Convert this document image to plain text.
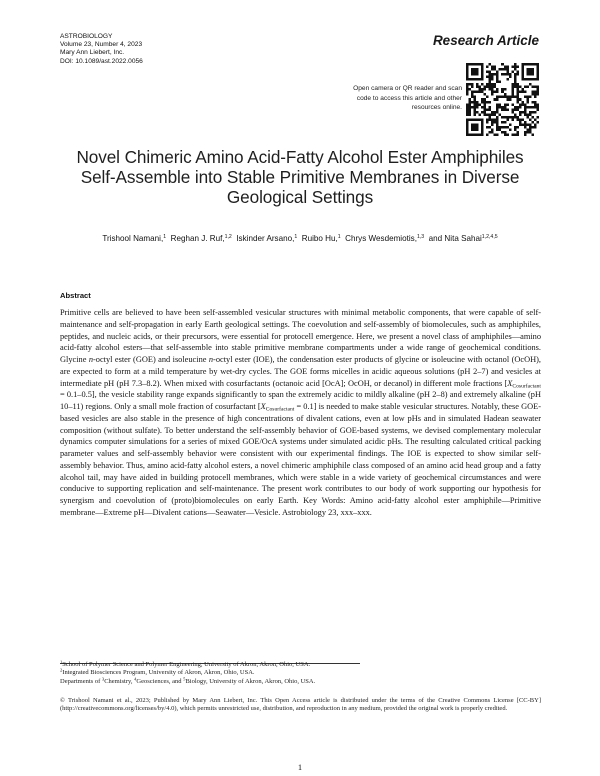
ASTROBIOLOGY
Volume 23, Number 4, 2023
Mary Ann Liebert, Inc.
DOI: 10.1089/ast.2022.0056
Research Article
Open camera or QR reader and scan code to access this article and other resources online.
Novel Chimeric Amino Acid-Fatty Alcohol Ester Amphiphiles Self-Assemble into Stable Primitive Membranes in Diverse Geological Settings
Trishool Namani,$^1$ Reghan J. Ruf,$^{1,2}$ Iskinder Arsano,$^1$ Ruibo Hu,$^1$ Chrys Wesdemiotis,$^{1,3}$ and Nita Sahai$^{1,2,4,5}$
Abstract
Primitive cells are believed to have been self-assembled vesicular structures with minimal metabolic components, that were capable of self-maintenance and self-propagation in early Earth geological settings. The coevolution and self-assembly of biomolecules, such as amphiphiles, peptides, and nucleic acids, or their precursors, were essential for protocell emergence. Here, we present a novel class of amphiphiles—amino acid-fatty alcohol esters—that self-assemble into stable primitive membrane compartments under a wide range of geochemical conditions. Glycine n-octyl ester (GOE) and isoleucine n-octyl ester (IOE), the condensation ester products of glycine or isoleucine with octanol (OcOH), are expected to form at a mild temperature by wet-dry cycles. The GOE forms micelles in acidic aqueous solutions (pH 2–7) and vesicles at intermediate pH (pH 7.3–8.2). When mixed with cosurfactants (octanoic acid [OcA]; OcOH, or decanol) in different mole fractions $[X_{Cosurfactant} = 0.1-0.5]$, the vesicle stability range expands significantly to span the extremely acidic to mildly alkaline (pH 2–8) and extremely alkaline (pH 10–11) regions. Only a small mole fraction of cosurfactant $[X_{Cosurfactant} = 0.1]$ is needed to make stable vesicular structures. Notably, these GOE-based vesicles are also stable in the presence of high concentrations of divalent cations, even at low pHs and in simulated Hadean seawater composition (without sulfate). To better understand the self-assembly behavior of GOE-based systems, we devised complementary molecular dynamics computer simulations for a series of mixed GOE/OcA systems under simulated acidic pHs. The resulting calculated critical packing parameter values and self-assembly behavior were consistent with our experimental findings. The IOE is expected to show similar self-assembly behavior. Thus, amino acid-fatty alcohol esters, a novel chimeric amphiphile class composed of an amino acid head group and a fatty alcohol tail, may have aided in building protocell membranes, which were stable in a wide variety of geochemical circumstances and were conducive to supporting replication and self-maintenance. The present work contributes to our body of work supporting our hypothesis for synergism and coevolution of (proto)biomolecules on early Earth. Key Words: Amino acid-fatty alcohol ester amphiphile—Primitive membrane—Extreme pH—Divalent cations—Seawater—Vesicle. Astrobiology 23, xxx–xxx.
$^1$School of Polymer Science and Polymer Engineering, University of Akron, Akron, Ohio, USA.
$^2$Integrated Biosciences Program, University of Akron, Akron, Ohio, USA.
Departments of $^3$Chemistry, $^4$Geosciences, and $^5$Biology, University of Akron, Akron, Ohio, USA.
© Trishool Namani et al., 2023; Published by Mary Ann Liebert, Inc. This Open Access article is distributed under the terms of the Creative Commons License [CC-BY] (http://creativecommons.org/licenses/by/4.0), which permits unrestricted use, distribution, and reproduction in any medium, provided the original work is properly credited.
1
